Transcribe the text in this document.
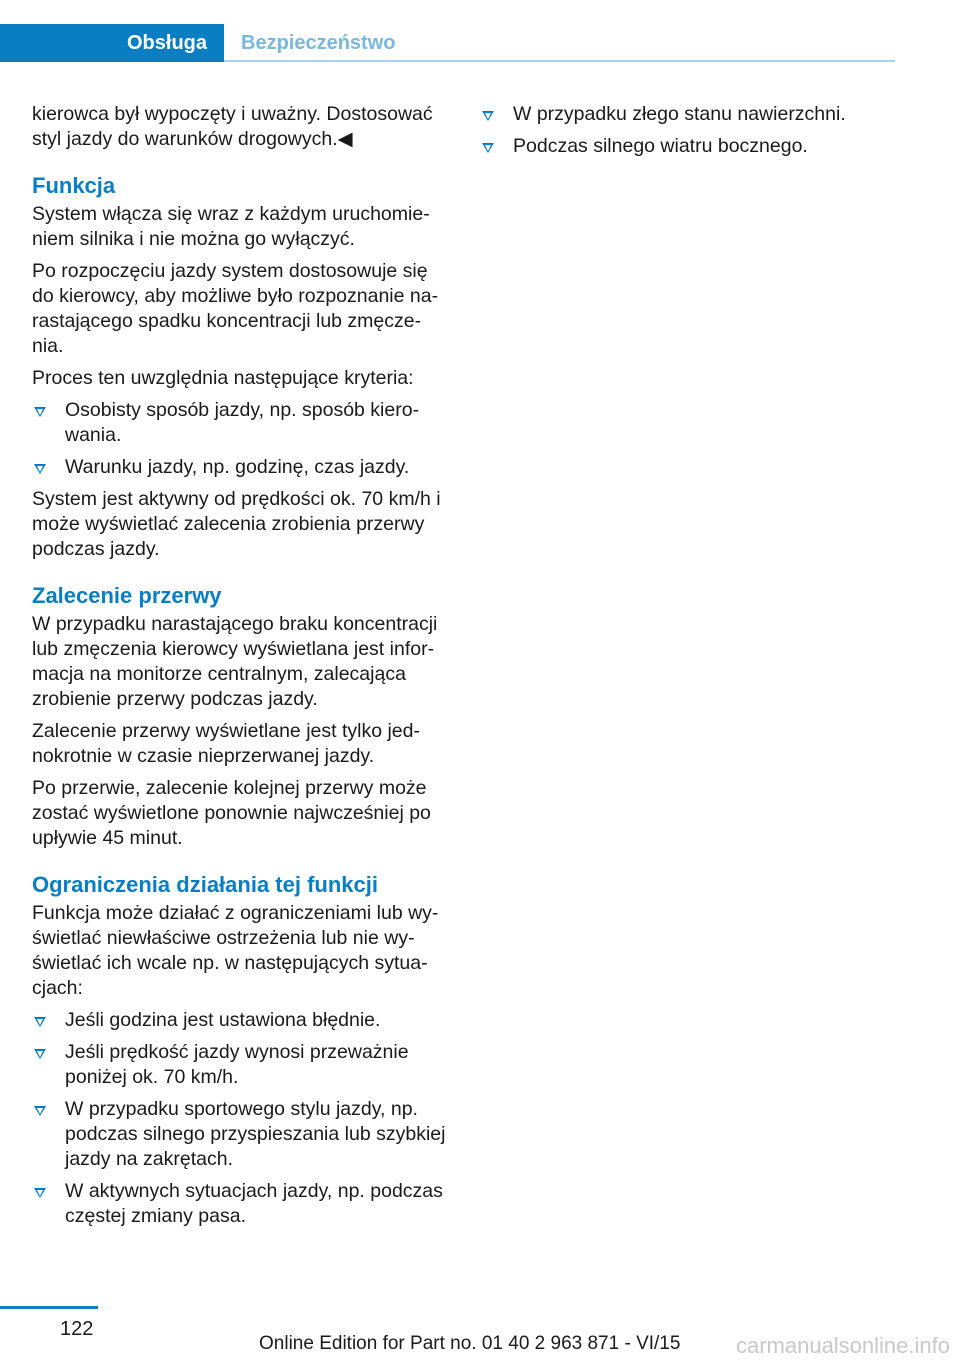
Obsługa Bezpieczeństwo

kierowca był wypoczęty i uważny. Dostosować styl jazdy do warunków drogowych.◀

Funkcja

System włącza się wraz z każdym uruchomieniem silnika i nie można go wyłączyć.

Po rozpoczęciu jazdy system dostosowuje się do kierowcy, aby możliwe było rozpoznanie narastającego spadku koncentracji lub zmęczenia.

Proces ten uwzględnia następujące kryteria:

Osobisty sposób jazdy, np. sposób kierowania.
Warunku jazdy, np. godzinę, czas jazdy.

System jest aktywny od prędkości ok. 70 km/h i może wyświetlać zalecenia zrobienia przerwy podczas jazdy.

Zalecenie przerwy

W przypadku narastającego braku koncentracji lub zmęczenia kierowcy wyświetlana jest informacja na monitorze centralnym, zalecająca zrobienie przerwy podczas jazdy.

Zalecenie przerwy wyświetlane jest tylko jednokrotnie w czasie nieprzerwanej jazdy.

Po przerwie, zalecenie kolejnej przerwy może zostać wyświetlone ponownie najwcześniej po upływie 45 minut.

Ograniczenia działania tej funkcji

Funkcja może działać z ograniczeniami lub wyświetlać niewłaściwe ostrzeżenia lub nie wyświetlać ich wcale np. w następujących sytuacjach:

Jeśli godzina jest ustawiona błędnie.
Jeśli prędkość jazdy wynosi przeważnie poniżej ok. 70 km/h.
W przypadku sportowego stylu jazdy, np. podczas silnego przyspieszania lub szybkiej jazdy na zakrętach.
W aktywnych sytuacjach jazdy, np. podczas częstej zmiany pasa.
W przypadku złego stanu nawierzchni.
Podczas silnego wiatru bocznego.
122
Online Edition for Part no. 01 40 2 963 871 - VI/15	carmanualsonline.info
